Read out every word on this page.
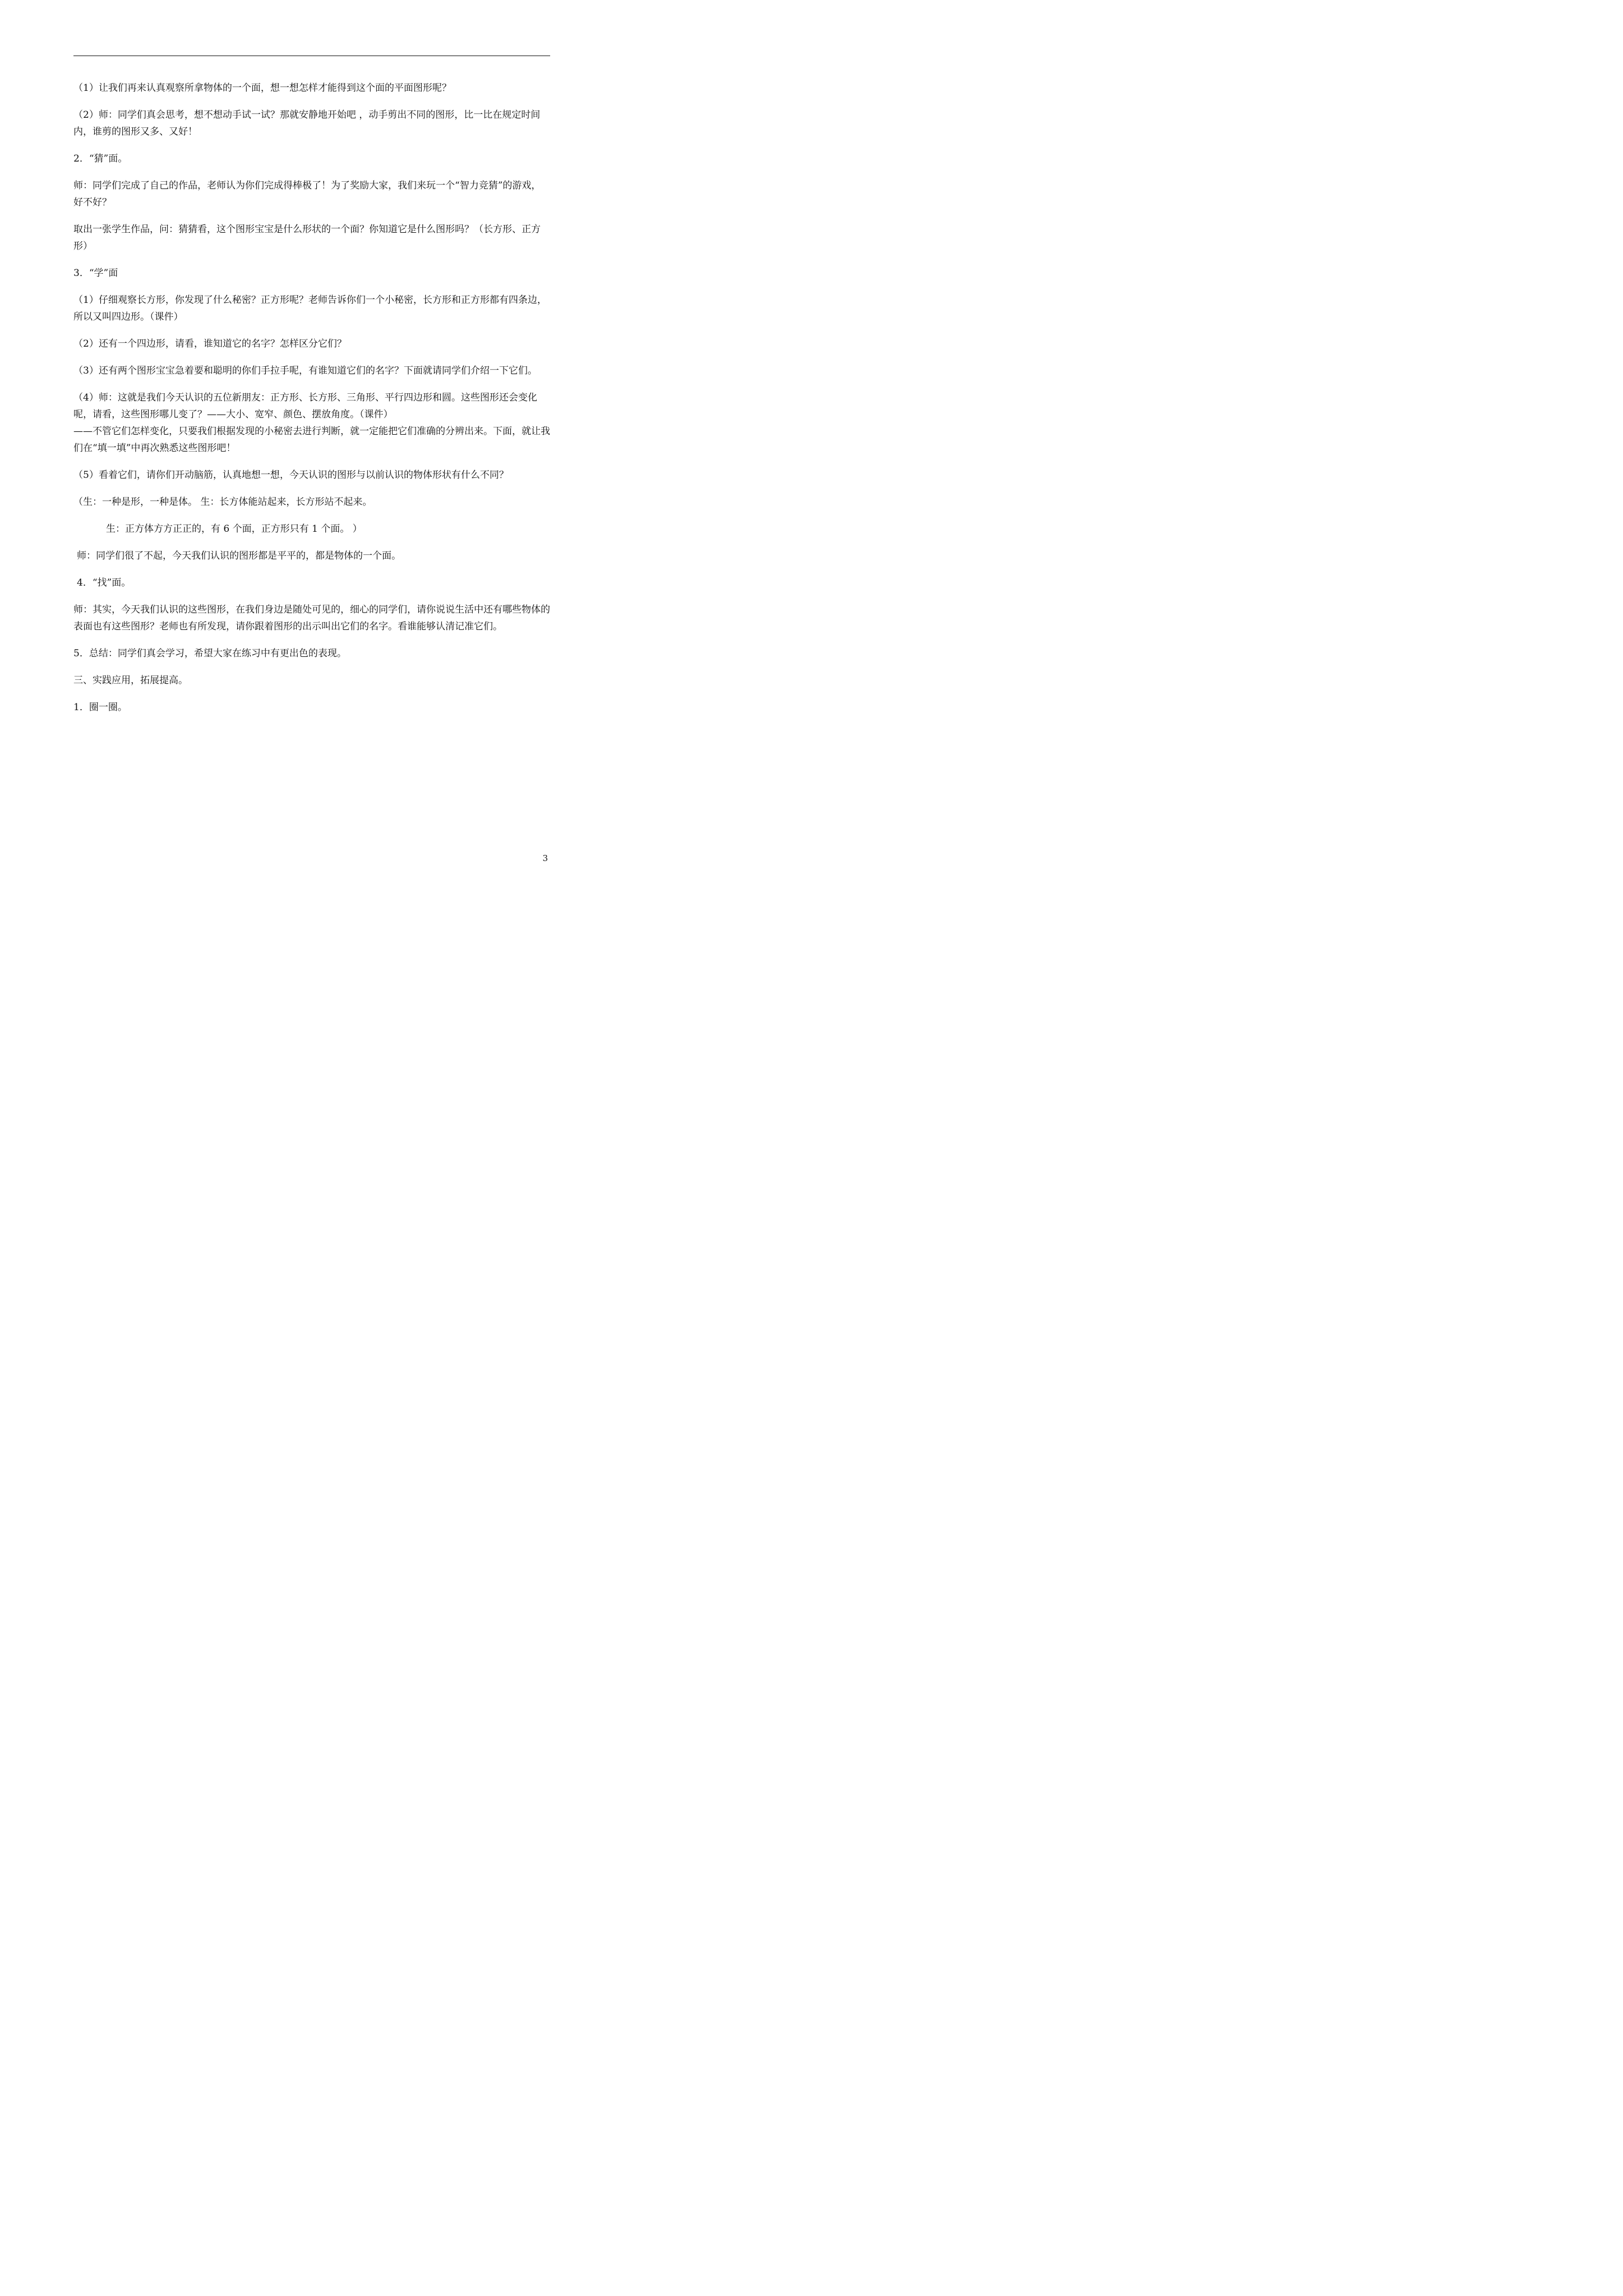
（1）让我们再来认真观察所拿物体的一个面，想一想怎样才能得到这个面的平面图形呢？

（2）师：同学们真会思考，想不想动手试一试？那就安静地开始吧 ，动手剪出不同的图形，比一比在规定时间内，谁剪的图形又多、又好！

2．“猜”面。

师：同学们完成了自己的作品，老师认为你们完成得棒极了！为了奖励大家，我们来玩一个“智力竞猜”的游戏，好不好？

取出一张学生作品，问：猜猜看，这个图形宝宝是什么形状的一个面？你知道它是什么图形吗？（长方形、正方形）

3．“学”面

（1）仔细观察长方形，你发现了什么秘密？正方形呢？老师告诉你们一个小秘密，长方形和正方形都有四条边，所以又叫四边形。（课件）

（2）还有一个四边形，请看，谁知道它的名字？怎样区分它们？

（3）还有两个图形宝宝急着要和聪明的你们手拉手呢，有谁知道它们的名字？下面就请同学们介绍一下它们。

（4）师：这就是我们今天认识的五位新朋友：正方形、长方形、三角形、平行四边形和圆。这些图形还会变化呢，请看，这些图形哪儿变了？——大小、宽窄、颜色、摆放角度。（课件）

——不管它们怎样变化，只要我们根据发现的小秘密去进行判断，就一定能把它们准确的分辨出来。下面，就让我们在“填一填”中再次熟悉这些图形吧！

（5）看着它们，请你们开动脑筋，认真地想一想，今天认识的图形与以前认识的物体形状有什么不同？

（生：一种是形，一种是体。 生：长方体能站起来，长方形站不起来。

生：正方体方方正正的，有 6 个面，正方形只有 1 个面。 ）

师：同学们很了不起，今天我们认识的图形都是平平的，都是物体的一个面。

4．“找”面。

师：其实，今天我们认识的这些图形，在我们身边是随处可见的，细心的同学们，请你说说生活中还有哪些物体的表面也有这些图形？老师也有所发现，请你跟着图形的出示叫出它们的名字。看谁能够认清记准它们。

5．总结：同学们真会学习，希望大家在练习中有更出色的表现。

三、实践应用，拓展提高。

1．圈一圈。

3
